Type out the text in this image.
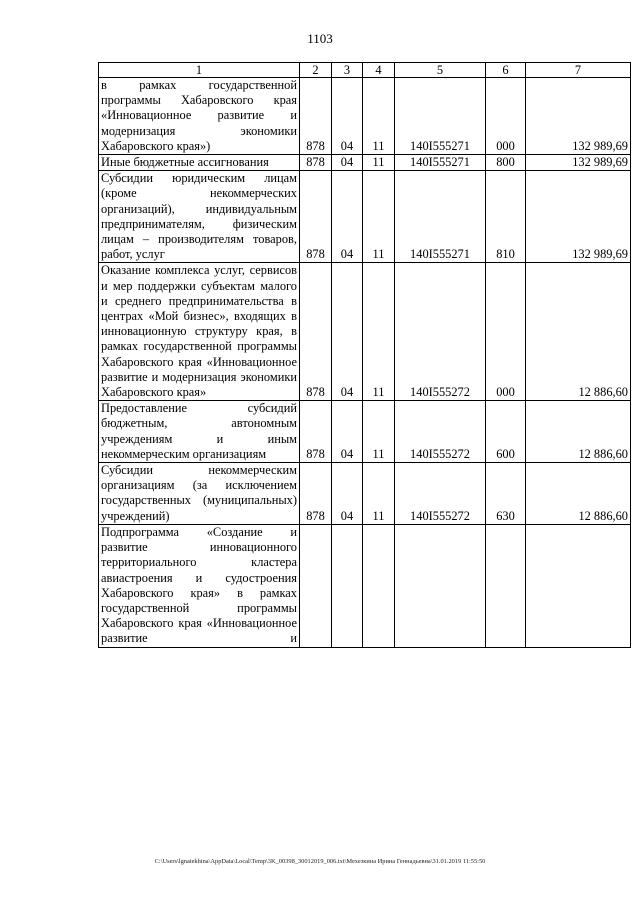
1103
1	2	3	4	5	6	7
в рамках государственной программы Хабаровского края «Инновационное развитие и модернизация экономики Хабаровского края»)	878	04	11	140I555271	000	132 989,69
Иные бюджетные ассигнования	878	04	11	140I555271	800	132 989,69
Субсидии юридическим лицам (кроме некоммерческих организаций), индивидуальным предпринимателям, физическим лицам – производителям товаров, работ, услуг	878	04	11	140I555271	810	132 989,69
Оказание комплекса услуг, сервисов и мер поддержки субъектам малого и среднего предпринимательства в центрах «Мой бизнес», входящих в инновационную структуру края, в рамках государственной программы Хабаровского края «Инновационное развитие и модернизация экономики Хабаровского края»	878	04	11	140I555272	000	12 886,60
Предоставление субсидий бюджетным, автономным учреждениям и иным некоммерческим организациям	878	04	11	140I555272	600	12 886,60
Субсидии некоммерческим организациям (за исключением государственных (муниципальных) учреждений)	878	04	11	140I555272	630	12 886,60

Подпрограмма «Создание и развитие инновационного территориального кластера авиастроения и судостроения Хабаровского края» в рамках государственной программы Хабаровского края «Инновационное развитие и						

C:\Users\lgnatekhina\AppData\Local\Temp\3K_00398_30012019_006.txt\Мехезкина Ирина Геннадьевна\31.01.2019 11:55:50
